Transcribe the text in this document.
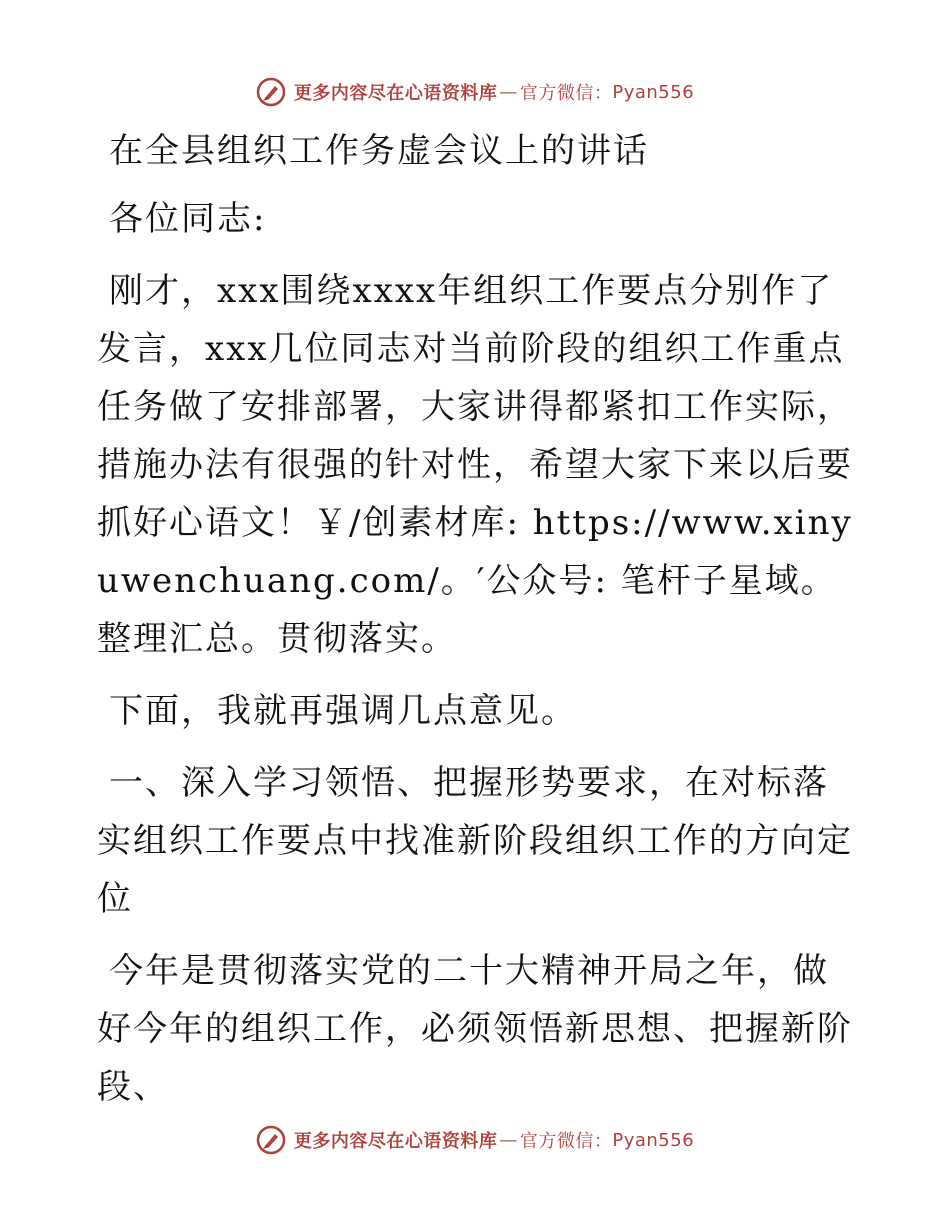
更多内容尽在心语资料库 — 官方微信： Pyan556

在全县组织工作务虚会议上的讲话

各位同志:

刚才，xxx围绕xxxx年组织工作要点分别作了发言，xxx几位同志对当前阶段的组织工作重点任务做了安排部署，大家讲得都紧扣工作实际，措施办法有很强的针对性，希望大家下来以后要抓好心语文！￥/创素材库: https://www.xinyuwenchuang.com/。′公众号: 笔杆子星域。整理汇总。贯彻落实。

下面，我就再强调几点意见。

一、深入学习领悟、把握形势要求，在对标落实组织工作要点中找准新阶段组织工作的方向定位

今年是贯彻落实党的二十大精神开局之年，做好今年的组织工作，必须领悟新思想、把握新阶段、

更多内容尽在心语资料库 — 官方微信： Pyan556
